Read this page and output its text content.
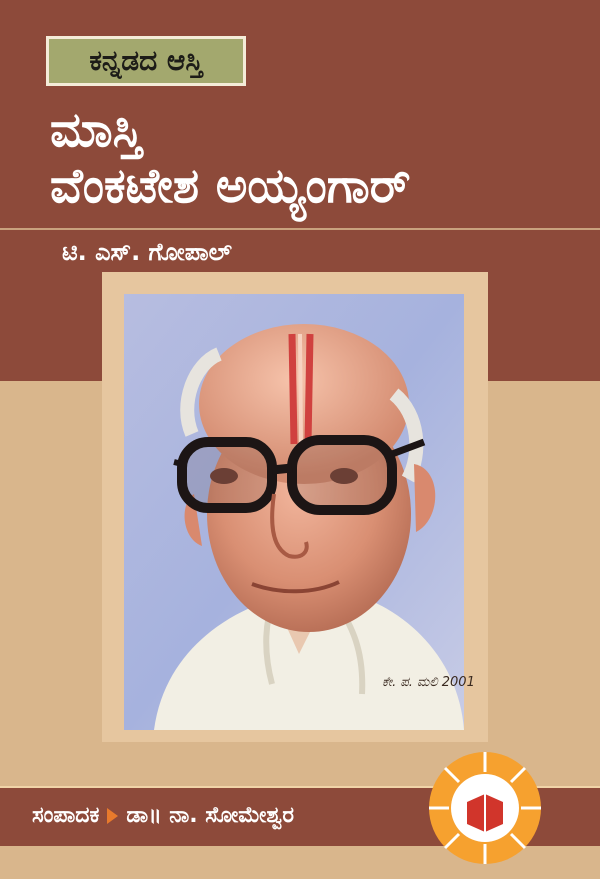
ಕನ್ನಡದ ಆಸ್ತಿ
ಮಾಸ್ತಿ
ವೆಂಕಟೇಶ ಅಯ್ಯಂಗಾರ್
ಟಿ. ಎಸ್. ಗೋಪಾಲ್
ಕೇ. ಪ. ಮಲಿ 2001
ಸಂಪಾದಕ ಡಾ॥ ನಾ. ಸೋಮೇಶ್ವರ
